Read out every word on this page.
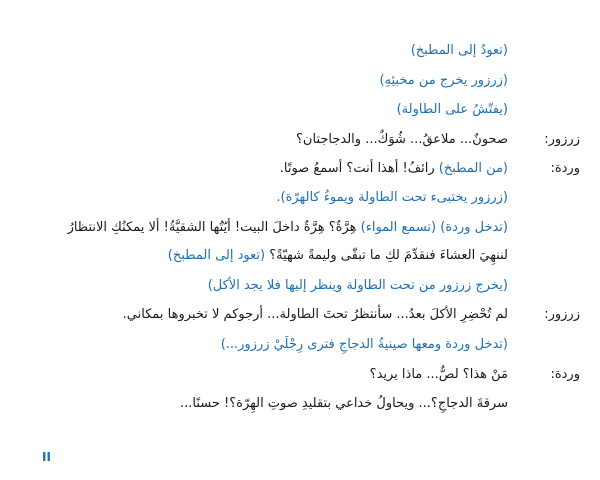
(تعودُ إلى المطبخ)
(زرزور يخرج من مخبئِهِ)
(يفتّشُ على الطاولة)
زرزور:
صحونٌ... ملاعقُ... شُوَكٌ... والدجاجتان؟
وردة:
(من المطبخ) رائفُ! أهذا أنت؟ أسمعُ صوتًا.
(زرزور يختبىء تحت الطاولة ويموءُ كالهرّة).
(تدخل وردة) (تسمع المواء) هِرَّةٌ؟ هِرَّةٌ داخلَ البيت! أيّتُها الشقيَّةُ! ألا يمكنُكِ الانتظارُ
لننهِيَ العشاءَ فنقدِّمَ لكِ ما تبقّى وليمةً شهيّةً؟ (تعود إلى المطبخ)
(يخرج زرزور من تحت الطاولة وينظر إليها فلا يجد الأكل)
زرزور:
لم تُحْضِرِ الأكلَ بعدُ... سأنتظرُ تحتَ الطاولة... أرجوكم لا تخبروها بمكاني.
(تدخل وردة ومعها صينيةُ الدجاجِ فترى رِجْلَيْ زرزور...)
وردة:
مَنْ هذا؟ لصٌّ... ماذا يريد؟
سرقةَ الدجاجِ؟... ويحاولُ خداعي بتقليدِ صوتِ الهِرّة؟! حسنًا...
II
